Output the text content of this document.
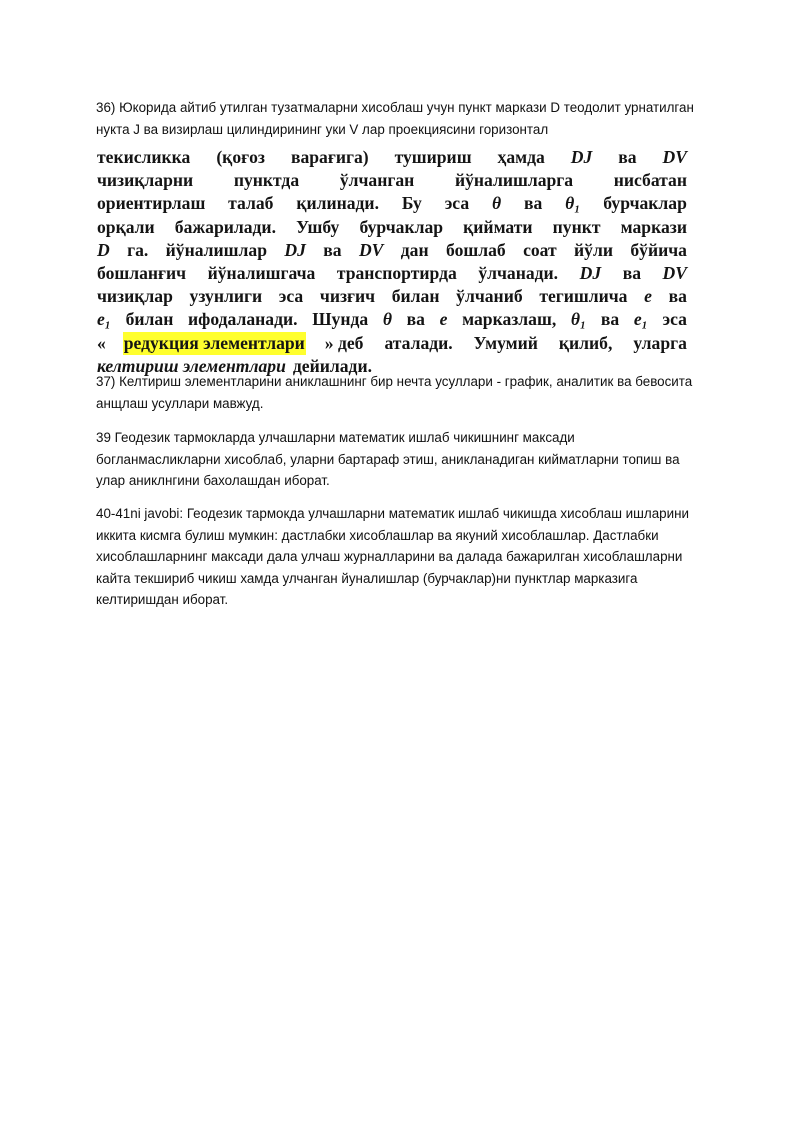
36) Юкорида айтиб утилган тузатмаларни хисоблаш учун пункт маркази D теодолит урнатилган
нукта J ва визирлаш цилиндирининг уки V лар проекциясини горизонтал
текисликка (қоғоз варағига) тушириш ҳамда DJ ва DV
чизиқларни пунктда ўлчанган йўналишларга нисбатан
ориентирлаш талаб қилинади. Бу эса θ ва θ₁ бурчаклар
орқали бажарилади. Ушбу бурчаклар қиймати пункт маркази
D га. йўналишлар DJ ва DV дан бошлаб соат йўли бўйича
бошланғич йўналишгача транспортирда ўлчанади. DJ ва DV
чизиқлар узунлиги эса чизғич билан ўлчаниб тегишлича e ва
e₁ билан ифодаланади. Шунда θ ва e марказлаш, θ₁ ва e₁ эса
« редукция элементлари » деб аталади. Умумий қилиб, уларга
келтириш элементлари дейилади.
37) Келтириш элементларини аниклашнинг бир нечта усуллари - график, аналитик ва бевосита
анщлаш усуллари мавжуд.
39 Геодезик тармокларда улчашларни математик ишлаб чикишнинг максади
богланмасликларни хисоблаб, уларни бартараф этиш, аникланадиган кийматларни топиш ва
улар аниклнгини бахолашдан иборат.
40-41ni javobi: Геодезик тармокда улчашларни математик ишлаб чикишда хисоблаш ишларини
иккита кисмга булиш мумкин: дастлабки хисоблашлар ва якуний хисоблашлар. Дастлабки
хисоблашларнинг максади дала улчаш журналларини ва далада бажарилган хисоблашларни
кайта текшириб чикиш хамда улчанган йуналишлар (бурчаклар)ни пунктлар марказига
келтиришдан иборат.
